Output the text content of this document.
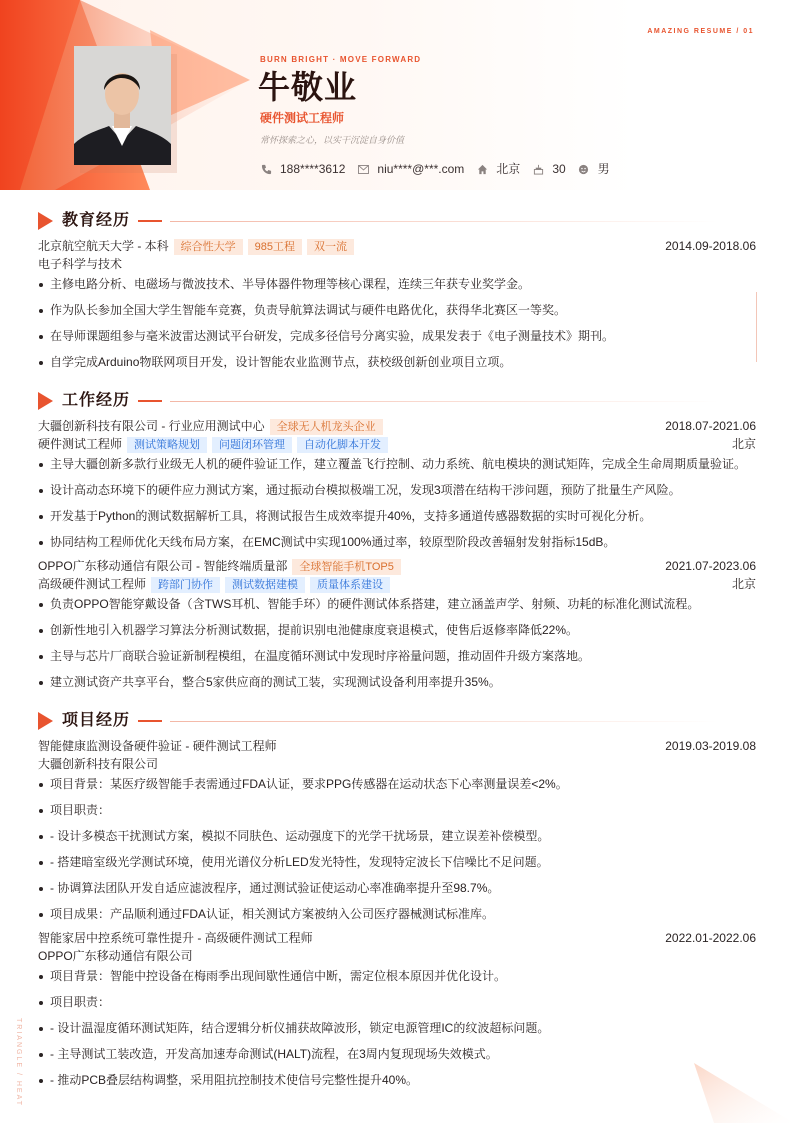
AMAZING RESUME / 01
BURN BRIGHT · MOVE FORWARD
牛敬业
硬件测试工程师
常怀探索之心，以实干沉淀自身价值
188****3612	niu****@***.com	北京	30	男
教育经历
北京航空航天大学 - 本科	综合性大学	985工程	双一流	2014.09-2018.06
电子科学与技术
主修电路分析、电磁场与微波技术、半导体器件物理等核心课程，连续三年获专业奖学金。
作为队长参加全国大学生智能车竞赛，负责导航算法调试与硬件电路优化，获得华北赛区一等奖。
在导师课题组参与毫米波雷达测试平台研发，完成多径信号分离实验，成果发表于《电子测量技术》期刊。
自学完成Arduino物联网项目开发，设计智能农业监测节点，获校级创新创业项目立项。
工作经历
大疆创新科技有限公司 - 行业应用测试中心	全球无人机龙头企业	2018.07-2021.06
硬件测试工程师	测试策略规划	问题闭环管理	自动化脚本开发	北京
主导大疆创新多款行业级无人机的硬件验证工作，建立覆盖飞行控制、动力系统、航电模块的测试矩阵，完成全生命周期质量验证。
设计高动态环境下的硬件应力测试方案，通过振动台模拟极端工况，发现3项潜在结构干涉问题，预防了批量生产风险。
开发基于Python的测试数据解析工具，将测试报告生成效率提升40%，支持多通道传感器数据的实时可视化分析。
协同结构工程师优化天线布局方案，在EMC测试中实现100%通过率，较原型阶段改善辐射发射指标15dB。
OPPO广东移动通信有限公司 - 智能终端质量部	全球智能手机TOP5	2021.07-2023.06
高级硬件测试工程师	跨部门协作	测试数据建模	质量体系建设	北京
负责OPPO智能穿戴设备（含TWS耳机、智能手环）的硬件测试体系搭建，建立涵盖声学、射频、功耗的标准化测试流程。
创新性地引入机器学习算法分析测试数据，提前识别电池健康度衰退模式，使售后返修率降低22%。
主导与芯片厂商联合验证新制程模组，在温度循环测试中发现时序裕量问题，推动固件升级方案落地。
建立测试资产共享平台，整合5家供应商的测试工装，实现测试设备利用率提升35%。
项目经历
智能健康监测设备硬件验证 - 硬件测试工程师	2019.03-2019.08
大疆创新科技有限公司
项目背景：某医疗级智能手表需通过FDA认证，要求PPG传感器在运动状态下心率测量误差<2%。
项目职责：
- 设计多模态干扰测试方案，模拟不同肤色、运动强度下的光学干扰场景，建立误差补偿模型。
- 搭建暗室级光学测试环境，使用光谱仪分析LED发光特性，发现特定波长下信噪比不足问题。
- 协调算法团队开发自适应滤波程序，通过测试验证使运动心率准确率提升至98.7%。
项目成果：产品顺利通过FDA认证，相关测试方案被纳入公司医疗器械测试标准库。
智能家居中控系统可靠性提升 - 高级硬件测试工程师	2022.01-2022.06
OPPO广东移动通信有限公司
项目背景：智能中控设备在梅雨季出现间歇性通信中断，需定位根本原因并优化设计。
项目职责：
- 设计温湿度循环测试矩阵，结合逻辑分析仪捕获故障波形，锁定电源管理IC的纹波超标问题。
- 主导测试工装改造，开发高加速寿命测试(HALT)流程，在3周内复现现场失效模式。
- 推动PCB叠层结构调整，采用阻抗控制技术使信号完整性提升40%。
TRIANGLE / HEAT
